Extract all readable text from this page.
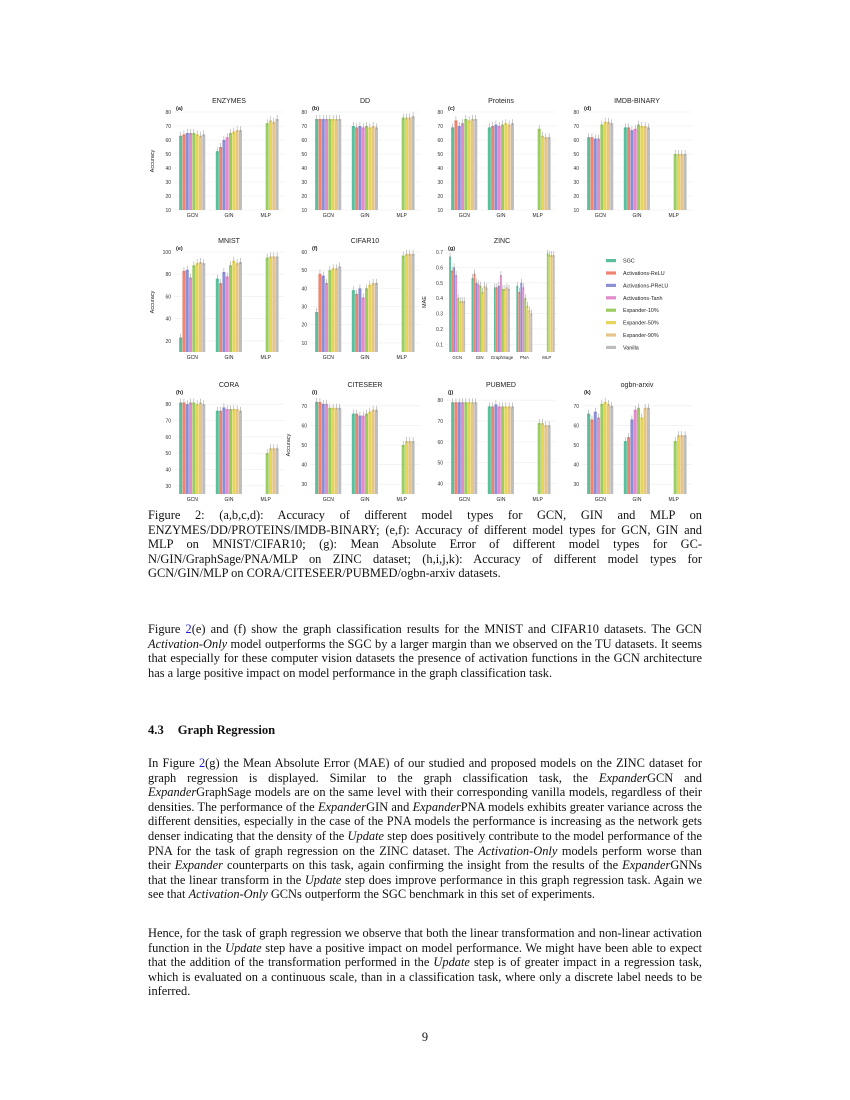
10
20
30
40
50
60
70
80
ENZYMES
(a)
Accuracy
GCN	GIN	MLP
10
20
30
40
50
60
70
80
DD
(b)
GCN	GIN	MLP
10
20
30
40
50
60
70
80
Proteins
(c)
GCN	GIN	MLP
10
20
30
40
50
60
70
80
IMDB-BINARY
(d)
GCN	GIN	MLP
20
40
60
80
100
MNIST
(e)
Accuracy
GCN	GIN	MLP
10
20
30
40
50
60
CIFAR10
(f)
GCN	GIN	MLP
0.1
0.2
0.3
0.4
0.5
0.6
0.7
ZINC
(g)
MAE
GCN	GIN GraphSage PNA	MLP
30
40
50
60
70
80
CORA
(h)
GCN	GIN	MLP
30
40
50
60
70
CITESEER
(i)
Accuracy
GCN	GIN	MLP
40
50
60
70
80
PUBMED
(j)
GCN	GIN	MLP
30
40
50
60
70
ogbn-arxiv
(k)
GCN	GIN	MLP
SGC
Activations-ReLU
Activations-PReLU
Activations-Tanh
Expander-10%
Expander-50%
Expander-90%
Vanilla
Figure 2: (a,b,c,d): Accuracy of different model types for GCN, GIN and MLP on ENZYMES/DD/PROTEINS/IMDB-BINARY; (e,f): Accuracy of different model types for GCN, GIN and MLP on MNIST/CIFAR10; (g): Mean Absolute Error of different model types for GC-N/GIN/GraphSage/PNA/MLP on ZINC dataset; (h,i,j,k): Accuracy of different model types for GCN/GIN/MLP on CORA/CITESEER/PUBMED/ogbn-arxiv datasets.
Figure 2(e) and (f) show the graph classification results for the MNIST and CIFAR10 datasets. The GCN Activation-Only model outperforms the SGC by a larger margin than we observed on the TU datasets. It seems that especially for these computer vision datasets the presence of activation functions in the GCN architecture has a large positive impact on model performance in the graph classification task.
4.3 Graph Regression
In Figure 2(g) the Mean Absolute Error (MAE) of our studied and proposed models on the ZINC dataset for graph regression is displayed. Similar to the graph classification task, the ExpanderGCN and ExpanderGraphSage models are on the same level with their corresponding vanilla models, regardless of their densities. The performance of the ExpanderGIN and ExpanderPNA models exhibits greater variance across the different densities, especially in the case of the PNA models the performance is increasing as the network gets denser indicating that the density of the Update step does positively contribute to the model performance of the PNA for the task of graph regression on the ZINC dataset. The Activation-Only models perform worse than their Expander counterparts on this task, again confirming the insight from the results of the ExpanderGNNs that the linear transform in the Update step does improve performance in this graph regression task. Again we see that Activation-Only GCNs outperform the SGC benchmark in this set of experiments.
Hence, for the task of graph regression we observe that both the linear transformation and non-linear activation function in the Update step have a positive impact on model performance. We might have been able to expect that the addition of the transformation performed in the Update step is of greater impact in a regression task, which is evaluated on a continuous scale, than in a classification task, where only a discrete label needs to be inferred.
9
